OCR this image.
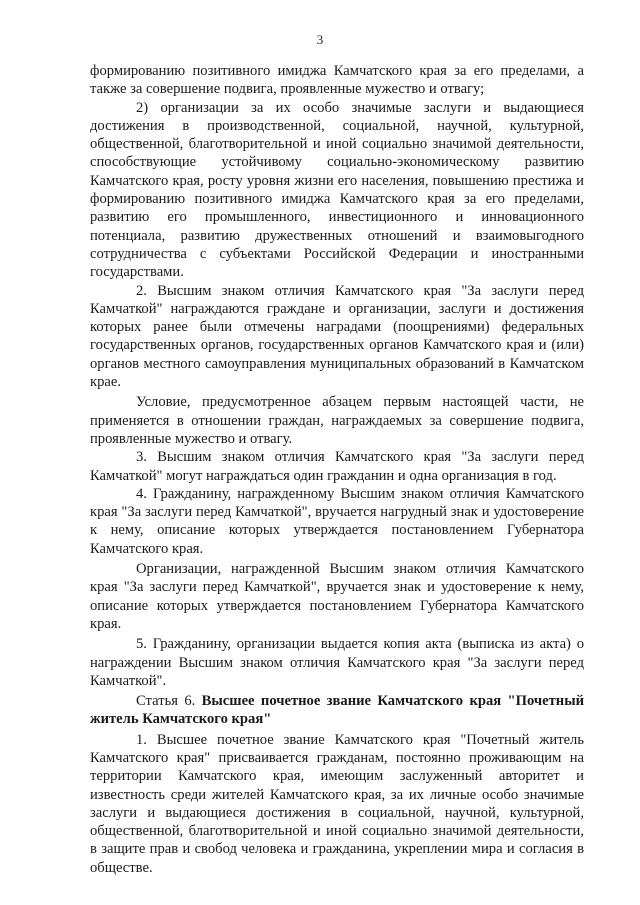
3

формированию позитивного имиджа Камчатского края за его пределами, а также за совершение подвига, проявленные мужество и отвагу;

2) организации за их особо значимые заслуги и выдающиеся достижения в производственной, социальной, научной, культурной, общественной, благотворительной и иной социально значимой деятельности, способствующие устойчивому социально-экономическому развитию Камчатского края, росту уровня жизни его населения, повышению престижа и формированию позитивного имиджа Камчатского края за его пределами, развитию его промышленного, инвестиционного и инновационного потенциала, развитию дружественных отношений и взаимовыгодного сотрудничества с субъектами Российской Федерации и иностранными государствами.

2. Высшим знаком отличия Камчатского края "За заслуги перед Камчаткой" награждаются граждане и организации, заслуги и достижения которых ранее были отмечены наградами (поощрениями) федеральных государственных органов, государственных органов Камчатского края и (или) органов местного самоуправления муниципальных образований в Камчатском крае.

Условие, предусмотренное абзацем первым настоящей части, не применяется в отношении граждан, награждаемых за совершение подвига, проявленные мужество и отвагу.

3. Высшим знаком отличия Камчатского края "За заслуги перед Камчаткой" могут награждаться один гражданин и одна организация в год.

4. Гражданину, награжденному Высшим знаком отличия Камчатского края "За заслуги перед Камчаткой", вручается нагрудный знак и удостоверение к нему, описание которых утверждается постановлением Губернатора Камчатского края.

Организации, награжденной Высшим знаком отличия Камчатского края "За заслуги перед Камчаткой", вручается знак и удостоверение к нему, описание которых утверждается постановлением Губернатора Камчатского края.

5. Гражданину, организации выдается копия акта (выписка из акта) о награждении Высшим знаком отличия Камчатского края "За заслуги перед Камчаткой".

Статья 6. Высшее почетное звание Камчатского края "Почетный житель Камчатского края"

1. Высшее почетное звание Камчатского края "Почетный житель Камчатского края" присваивается гражданам, постоянно проживающим на территории Камчатского края, имеющим заслуженный авторитет и известность среди жителей Камчатского края, за их личные особо значимые заслуги и выдающиеся достижения в социальной, научной, культурной, общественной, благотворительной и иной социально значимой деятельности, в защите прав и свобод человека и гражданина, укреплении мира и согласия в обществе.
